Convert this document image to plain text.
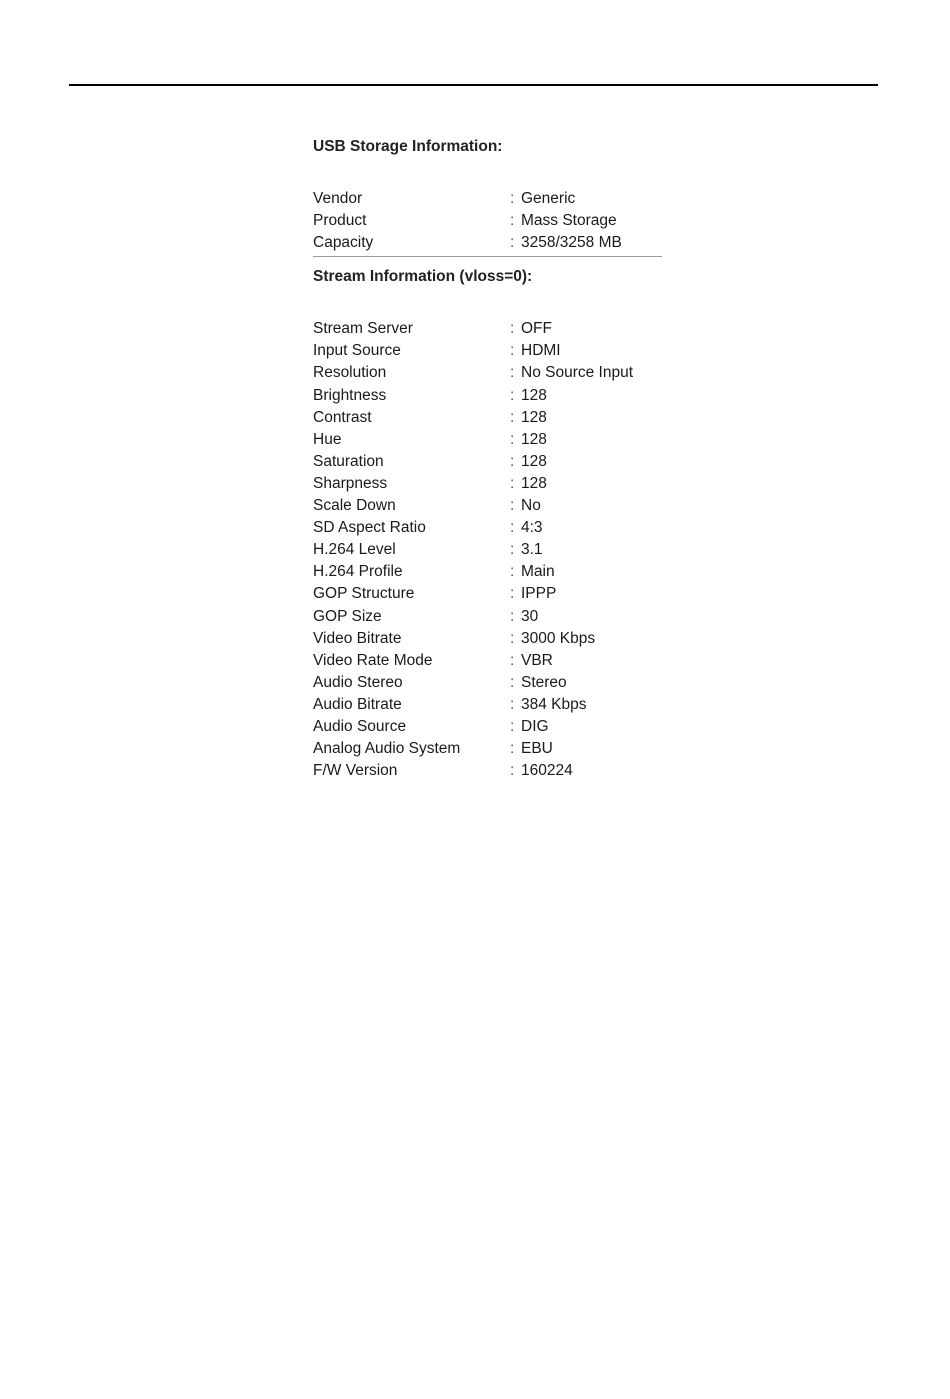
USB Storage Information:
Vendor	: Generic
Product	: Mass Storage
Capacity	: 3258/3258 MB
Stream Information (vloss=0):
Stream Server	: OFF
Input Source	: HDMI
Resolution	: No Source Input
Brightness	: 128
Contrast	: 128
Hue	: 128
Saturation	: 128
Sharpness	: 128
Scale Down	: No
SD Aspect Ratio	: 4:3
H.264 Level	: 3.1
H.264 Profile	: Main
GOP Structure	: IPPP
GOP Size	: 30
Video Bitrate	: 3000 Kbps
Video Rate Mode	: VBR
Audio Stereo	: Stereo
Audio Bitrate	: 384 Kbps
Audio Source	: DIG
Analog Audio System	: EBU
F/W Version	: 160224
